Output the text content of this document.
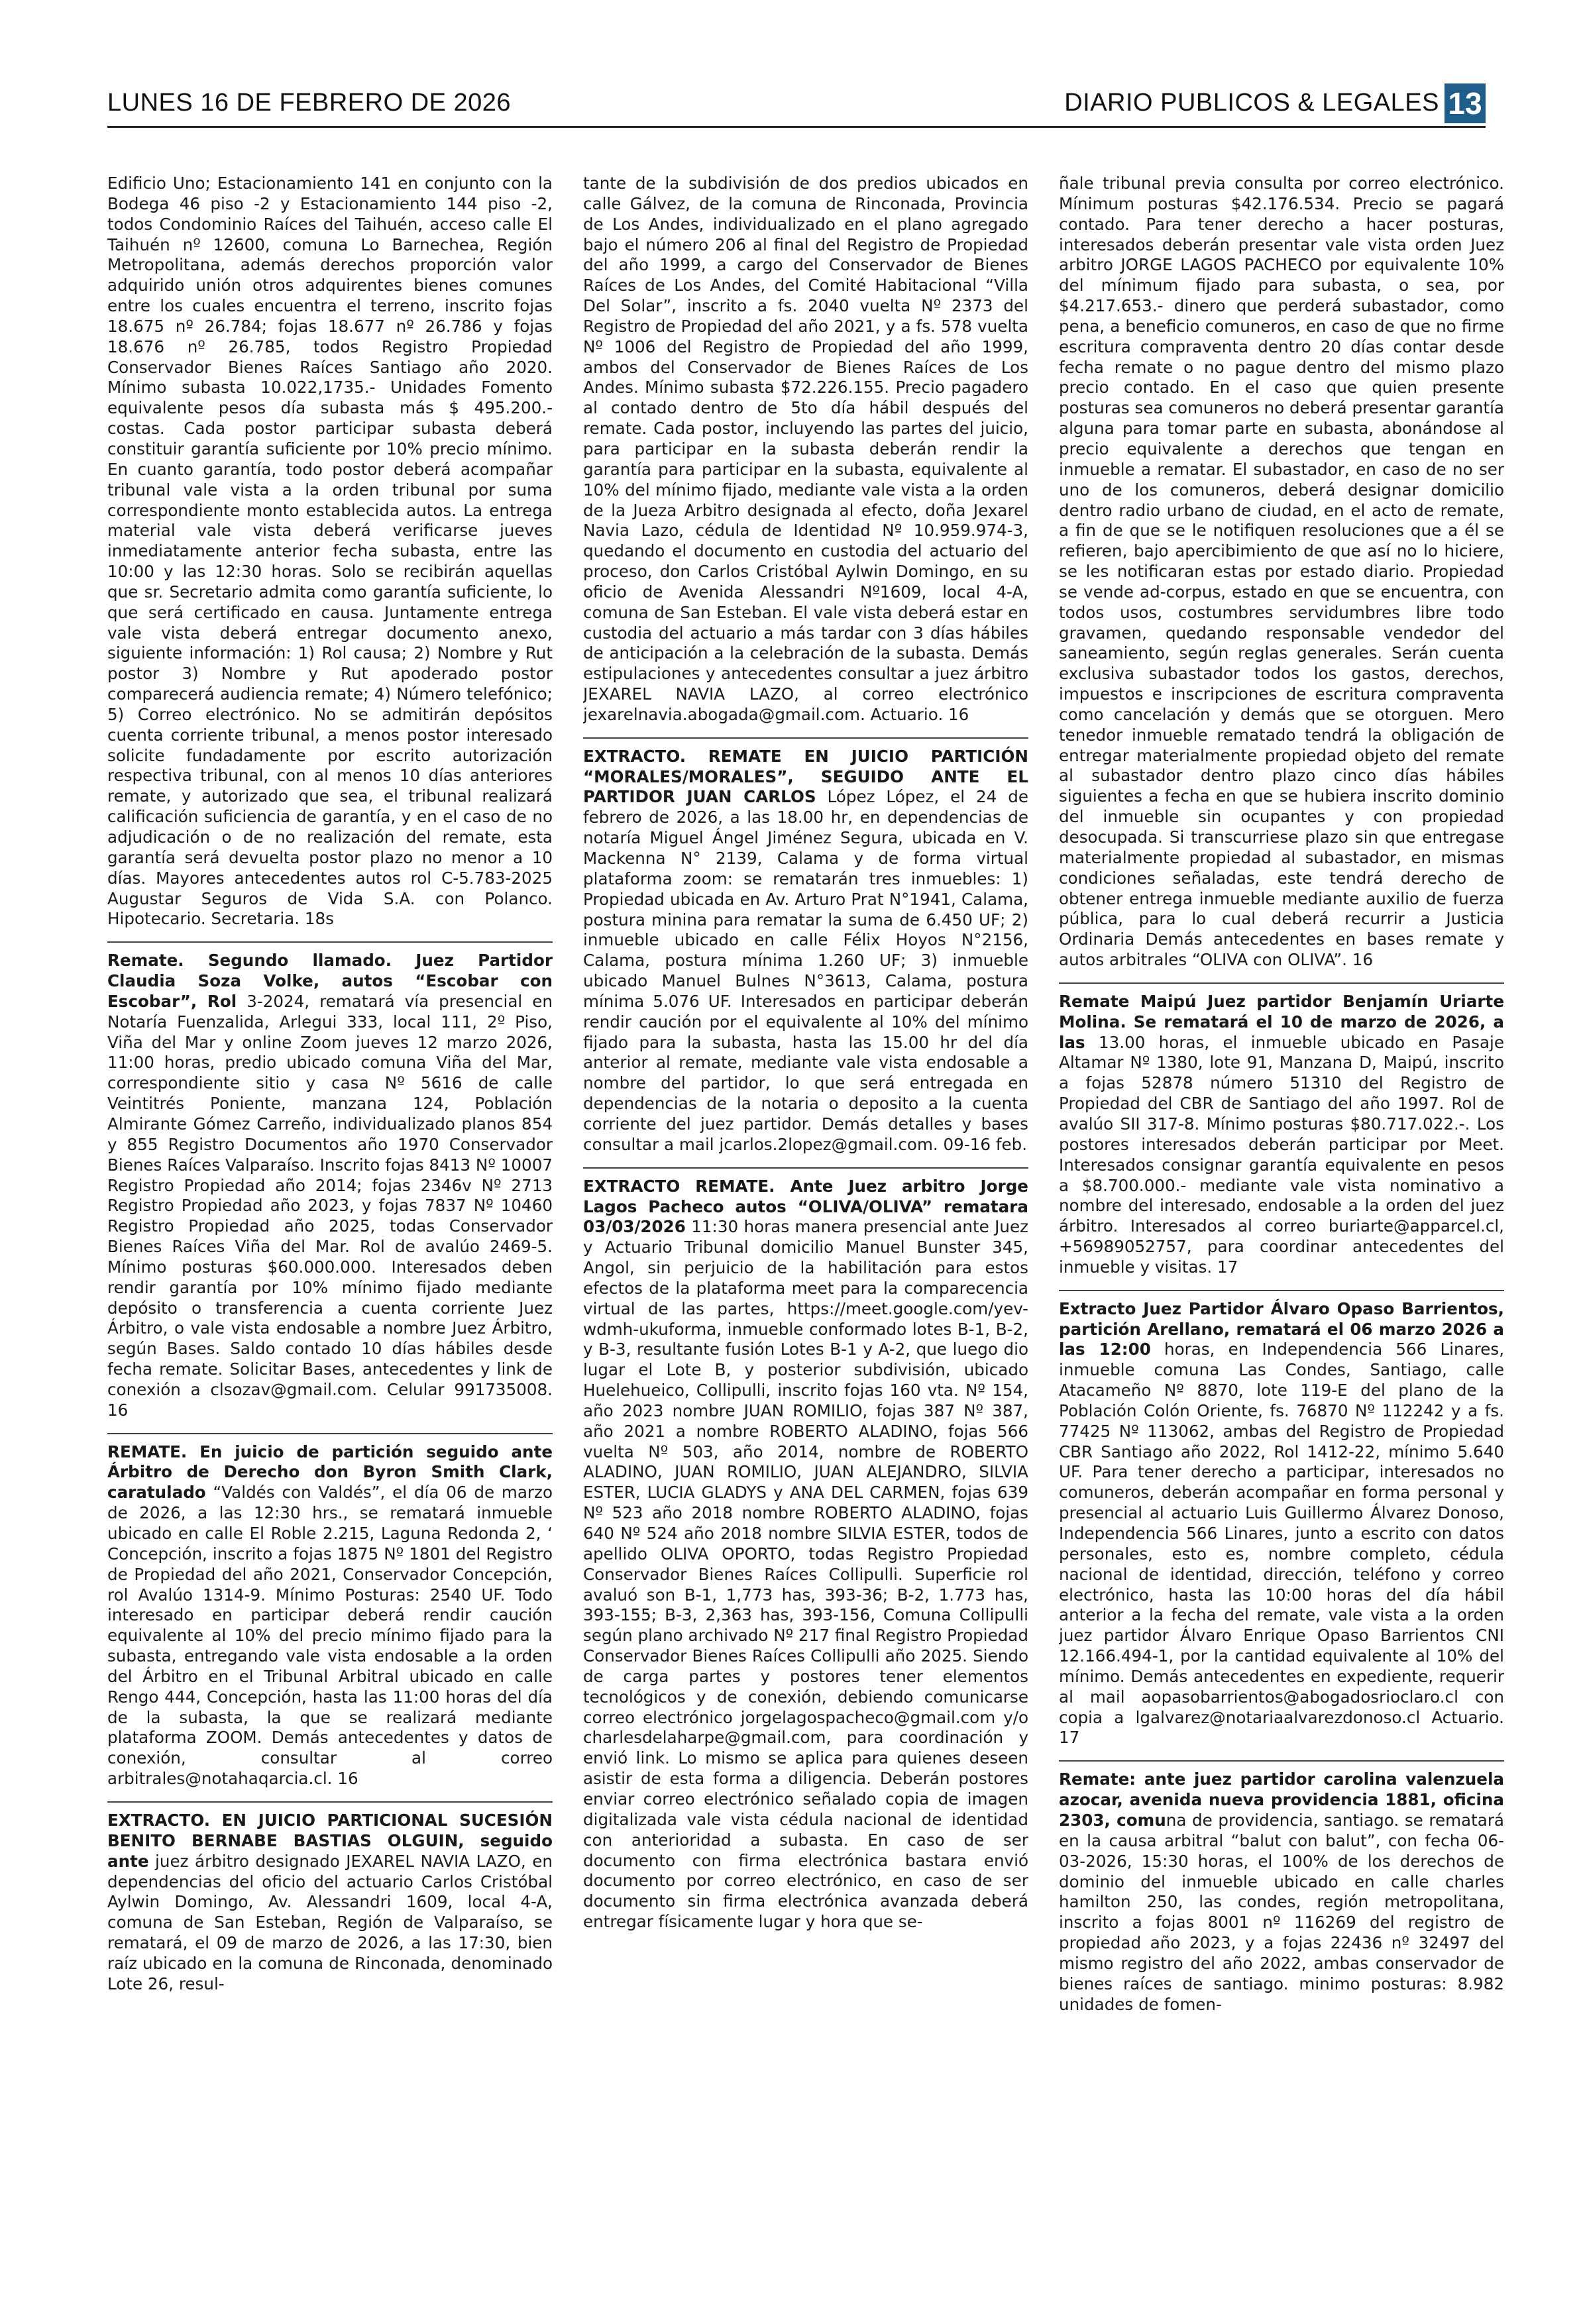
LUNES 16 DE FEBRERO DE 2026	DIARIO PUBLICOS & LEGALES 13

Edificio Uno; Estacionamiento 141 en conjunto con la Bodega 46 piso -2 y Estacionamiento 144 piso -2, todos Condominio Raíces del Taihuén, acceso calle El Taihuén nº 12600, comuna Lo Barnechea, Región Metropolitana, además derechos proporción valor adquirido unión otros adquirentes bienes comunes entre los cuales encuentra el terreno, inscrito fojas 18.675 nº 26.784; fojas 18.677 nº 26.786 y fojas 18.676 nº 26.785, todos Registro Propiedad Conservador Bienes Raíces Santiago año 2020. Mínimo subasta 10.022,1735.- Unidades Fomento equivalente pesos día subasta más $ 495.200.- costas. Cada postor participar subasta deberá constituir garantía suficiente por 10% precio mínimo. En cuanto garantía, todo postor deberá acompañar tribunal vale vista a la orden tribunal por suma correspondiente monto establecida autos. La entrega material vale vista deberá verificarse jueves inmediatamente anterior fecha subasta, entre las 10:00 y las 12:30 horas. Solo se recibirán aquellas que sr. Secretario admita como garantía suficiente, lo que será certificado en causa. Juntamente entrega vale vista deberá entregar documento anexo, siguiente información: 1) Rol causa; 2) Nombre y Rut postor 3) Nombre y Rut apoderado postor comparecerá audiencia remate; 4) Número telefónico; 5) Correo electrónico. No se admitirán depósitos cuenta corriente tribunal, a menos postor interesado solicite fundadamente por escrito autorización respectiva tribunal, con al menos 10 días anteriores remate, y autorizado que sea, el tribunal realizará calificación suficiencia de garantía, y en el caso de no adjudicación o de no realización del remate, esta garantía será devuelta postor plazo no menor a 10 días. Mayores antecedentes autos rol C-5.783-2025 Augustar Seguros de Vida S.A. con Polanco. Hipotecario. Secretaria. 18s

Remate. Segundo llamado. Juez Partidor Claudia Soza Volke, autos “Escobar con Escobar”, Rol 3-2024, rematará vía presencial en Notaría Fuenzalida, Arlegui 333, local 111, 2º Piso, Viña del Mar y online Zoom jueves 12 marzo 2026, 11:00 horas, predio ubicado comuna Viña del Mar, correspondiente sitio y casa Nº 5616 de calle Veintitrés Poniente, manzana 124, Población Almirante Gómez Carreño, individualizado planos 854 y 855 Registro Documentos año 1970 Conservador Bienes Raíces Valparaíso. Inscrito fojas 8413 Nº 10007 Registro Propiedad año 2014; fojas 2346v Nº 2713 Registro Propiedad año 2023, y fojas 7837 Nº 10460 Registro Propiedad año 2025, todas Conservador Bienes Raíces Viña del Mar. Rol de avalúo 2469-5. Mínimo posturas $60.000.000. Interesados deben rendir garantía por 10% mínimo fijado mediante depósito o transferencia a cuenta corriente Juez Árbitro, o vale vista endosable a nombre Juez Árbitro, según Bases. Saldo contado 10 días hábiles desde fecha remate. Solicitar Bases, antecedentes y link de conexión a clsozav@gmail.com. Celular 991735008. 16

REMATE. En juicio de partición seguido ante Árbitro de Derecho don Byron Smith Clark, caratulado “Valdés con Valdés”, el día 06 de marzo de 2026, a las 12:30 hrs., se rematará inmueble ubicado en calle El Roble 2.215, Laguna Redonda 2, ‘ Concepción, inscrito a fojas 1875 Nº 1801 del Registro de Propiedad del año 2021, Conservador Concepción, rol Avalúo 1314-9. Mínimo Posturas: 2540 UF. Todo interesado en participar deberá rendir caución equivalente al 10% del precio mínimo fijado para la subasta, entregando vale vista endosable a la orden del Árbitro en el Tribunal Arbitral ubicado en calle Rengo 444, Concepción, hasta las 11:00 horas del día de la subasta, la que se realizará mediante plataforma ZOOM. Demás antecedentes y datos de conexión, consultar al correo arbitrales@notahaqarcia.cl. 16

EXTRACTO. EN JUICIO PARTICIONAL SUCESIÓN BENITO BERNABE BASTIAS OLGUIN, seguido ante juez árbitro designado JEXAREL NAVIA LAZO, en dependencias del oficio del actuario Carlos Cristóbal Aylwin Domingo, Av. Alessandri 1609, local 4-A, comuna de San Esteban, Región de Valparaíso, se rematará, el 09 de marzo de 2026, a las 17:30, bien raíz ubicado en la comuna de Rinconada, denominado Lote 26, resul-

tante de la subdivisión de dos predios ubicados en calle Gálvez, de la comuna de Rinconada, Provincia de Los Andes, individualizado en el plano agregado bajo el número 206 al final del Registro de Propiedad del año 1999, a cargo del Conservador de Bienes Raíces de Los Andes, del Comité Habitacional “Villa Del Solar”, inscrito a fs. 2040 vuelta Nº 2373 del Registro de Propiedad del año 2021, y a fs. 578 vuelta Nº 1006 del Registro de Propiedad del año 1999, ambos del Conservador de Bienes Raíces de Los Andes. Mínimo subasta $72.226.155. Precio pagadero al contado dentro de 5to día hábil después del remate. Cada postor, incluyendo las partes del juicio, para participar en la subasta deberán rendir la garantía para participar en la subasta, equivalente al 10% del mínimo fijado, mediante vale vista a la orden de la Jueza Arbitro designada al efecto, doña Jexarel Navia Lazo, cédula de Identidad Nº 10.959.974-3, quedando el documento en custodia del actuario del proceso, don Carlos Cristóbal Aylwin Domingo, en su oficio de Avenida Alessandri Nº1609, local 4-A, comuna de San Esteban. El vale vista deberá estar en custodia del actuario a más tardar con 3 días hábiles de anticipación a la celebración de la subasta. Demás estipulaciones y antecedentes consultar a juez árbitro JEXAREL NAVIA LAZO, al correo electrónico jexarelnavia.abogada@gmail.com. Actuario. 16

EXTRACTO. REMATE EN JUICIO PARTICIÓN “MORALES/MORALES”, SEGUIDO ANTE EL PARTIDOR JUAN CARLOS López López, el 24 de febrero de 2026, a las 18.00 hr, en dependencias de notaría Miguel Ángel Jiménez Segura, ubicada en V. Mackenna N° 2139, Calama y de forma virtual plataforma zoom: se rematarán tres inmuebles: 1) Propiedad ubicada en Av. Arturo Prat N°1941, Calama, postura minina para rematar la suma de 6.450 UF; 2) inmueble ubicado en calle Félix Hoyos N°2156, Calama, postura mínima 1.260 UF; 3) inmueble ubicado Manuel Bulnes N°3613, Calama, postura mínima 5.076 UF. Interesados en participar deberán rendir caución por el equivalente al 10% del mínimo fijado para la subasta, hasta las 15.00 hr del día anterior al remate, mediante vale vista endosable a nombre del partidor, lo que será entregada en dependencias de la notaria o deposito a la cuenta corriente del juez partidor. Demás detalles y bases consultar a mail jcarlos.2lopez@gmail.com. 09-16 feb.

EXTRACTO REMATE. Ante Juez arbitro Jorge Lagos Pacheco autos “OLIVA/OLIVA” rematara 03/03/2026 11:30 horas manera presencial ante Juez y Actuario Tribunal domicilio Manuel Bunster 345, Angol, sin perjuicio de la habilitación para estos efectos de la plataforma meet para la comparecencia virtual de las partes, https://meet.google.com/yev-wdmh-ukuforma, inmueble conformado lotes B-1, B-2, y B-3, resultante fusión Lotes B-1 y A-2, que luego dio lugar el Lote B, y posterior subdivisión, ubicado Huelehueico, Collipulli, inscrito fojas 160 vta. Nº 154, año 2023 nombre JUAN ROMILIO, fojas 387 Nº 387, año 2021 a nombre ROBERTO ALADINO, fojas 566 vuelta Nº 503, año 2014, nombre de ROBERTO ALADINO, JUAN ROMILIO, JUAN ALEJANDRO, SILVIA ESTER, LUCIA GLADYS y ANA DEL CARMEN, fojas 639 Nº 523 año 2018 nombre ROBERTO ALADINO, fojas 640 Nº 524 año 2018 nombre SILVIA ESTER, todos de apellido OLIVA OPORTO, todas Registro Propiedad Conservador Bienes Raíces Collipulli. Superficie rol avaluó son B-1, 1,773 has, 393-36; B-2, 1.773 has, 393-155; B-3, 2,363 has, 393-156, Comuna Collipulli según plano archivado Nº 217 final Registro Propiedad Conservador Bienes Raíces Collipulli año 2025. Siendo de carga partes y postores tener elementos tecnológicos y de conexión, debiendo comunicarse correo electrónico jorgelagospacheco@gmail.com y/o charlesdelaharpe@gmail.com, para coordinación y envió link. Lo mismo se aplica para quienes deseen asistir de esta forma a diligencia. Deberán postores enviar correo electrónico señalado copia de imagen digitalizada vale vista cédula nacional de identidad con anterioridad a subasta. En caso de ser documento con firma electrónica bastara envió documento por correo electrónico, en caso de ser documento sin firma electrónica avanzada deberá entregar físicamente lugar y hora que se-

ñale tribunal previa consulta por correo electrónico. Mínimum posturas $42.176.534. Precio se pagará contado. Para tener derecho a hacer posturas, interesados deberán presentar vale vista orden Juez arbitro JORGE LAGOS PACHECO por equivalente 10% del mínimum fijado para subasta, o sea, por $4.217.653.- dinero que perderá subastador, como pena, a beneficio comuneros, en caso de que no firme escritura compraventa dentro 20 días contar desde fecha remate o no pague dentro del mismo plazo precio contado. En el caso que quien presente posturas sea comuneros no deberá presentar garantía alguna para tomar parte en subasta, abonándose al precio equivalente a derechos que tengan en inmueble a rematar. El subastador, en caso de no ser uno de los comuneros, deberá designar domicilio dentro radio urbano de ciudad, en el acto de remate, a fin de que se le notifiquen resoluciones que a él se refieren, bajo apercibimiento de que así no lo hiciere, se les notificaran estas por estado diario. Propiedad se vende ad-corpus, estado en que se encuentra, con todos usos, costumbres servidumbres libre todo gravamen, quedando responsable vendedor del saneamiento, según reglas generales. Serán cuenta exclusiva subastador todos los gastos, derechos, impuestos e inscripciones de escritura compraventa como cancelación y demás que se otorguen. Mero tenedor inmueble rematado tendrá la obligación de entregar materialmente propiedad objeto del remate al subastador dentro plazo cinco días hábiles siguientes a fecha en que se hubiera inscrito dominio del inmueble sin ocupantes y con propiedad desocupada. Si transcurriese plazo sin que entregase materialmente propiedad al subastador, en mismas condiciones señaladas, este tendrá derecho de obtener entrega inmueble mediante auxilio de fuerza pública, para lo cual deberá recurrir a Justicia Ordinaria Demás antecedentes en bases remate y autos arbitrales “OLIVA con OLIVA”. 16

Remate Maipú Juez partidor Benjamín Uriarte Molina. Se rematará el 10 de marzo de 2026, a las 13.00 horas, el inmueble ubicado en Pasaje Altamar Nº 1380, lote 91, Manzana D, Maipú, inscrito a fojas 52878 número 51310 del Registro de Propiedad del CBR de Santiago del año 1997. Rol de avalúo SII 317-8. Mínimo posturas $80.717.022.-. Los postores interesados deberán participar por Meet. Interesados consignar garantía equivalente en pesos a $8.700.000.- mediante vale vista nominativo a nombre del interesado, endosable a la orden del juez árbitro. Interesados al correo buriarte@apparcel.cl, +56989052757, para coordinar antecedentes del inmueble y visitas. 17

Extracto Juez Partidor Álvaro Opaso Barrientos, partición Arellano, rematará el 06 marzo 2026 a las 12:00 horas, en Independencia 566 Linares, inmueble comuna Las Condes, Santiago, calle Atacameño Nº 8870, lote 119-E del plano de la Población Colón Oriente, fs. 76870 Nº 112242 y a fs. 77425 Nº 113062, ambas del Registro de Propiedad CBR Santiago año 2022, Rol 1412-22, mínimo 5.640 UF. Para tener derecho a participar, interesados no comuneros, deberán acompañar en forma personal y presencial al actuario Luis Guillermo Álvarez Donoso, Independencia 566 Linares, junto a escrito con datos personales, esto es, nombre completo, cédula nacional de identidad, dirección, teléfono y correo electrónico, hasta las 10:00 horas del día hábil anterior a la fecha del remate, vale vista a la orden juez partidor Álvaro Enrique Opaso Barrientos CNI 12.166.494-1, por la cantidad equivalente al 10% del mínimo. Demás antecedentes en expediente, requerir al mail aopasobarrientos@abogadosrioclaro.cl con copia a lgalvarez@notariaalvarezdonoso.cl Actuario. 17

Remate: ante juez partidor carolina valenzuela azocar, avenida nueva providencia 1881, oficina 2303, comuna de providencia, santiago. se rematará en la causa arbitral “balut con balut”, con fecha 06-03-2026, 15:30 horas, el 100% de los derechos de dominio del inmueble ubicado en calle charles hamilton 250, las condes, región metropolitana, inscrito a fojas 8001 nº 116269 del registro de propiedad año 2023, y a fojas 22436 nº 32497 del mismo registro del año 2022, ambas conservador de bienes raíces de santiago. minimo posturas: 8.982 unidades de fomen-
